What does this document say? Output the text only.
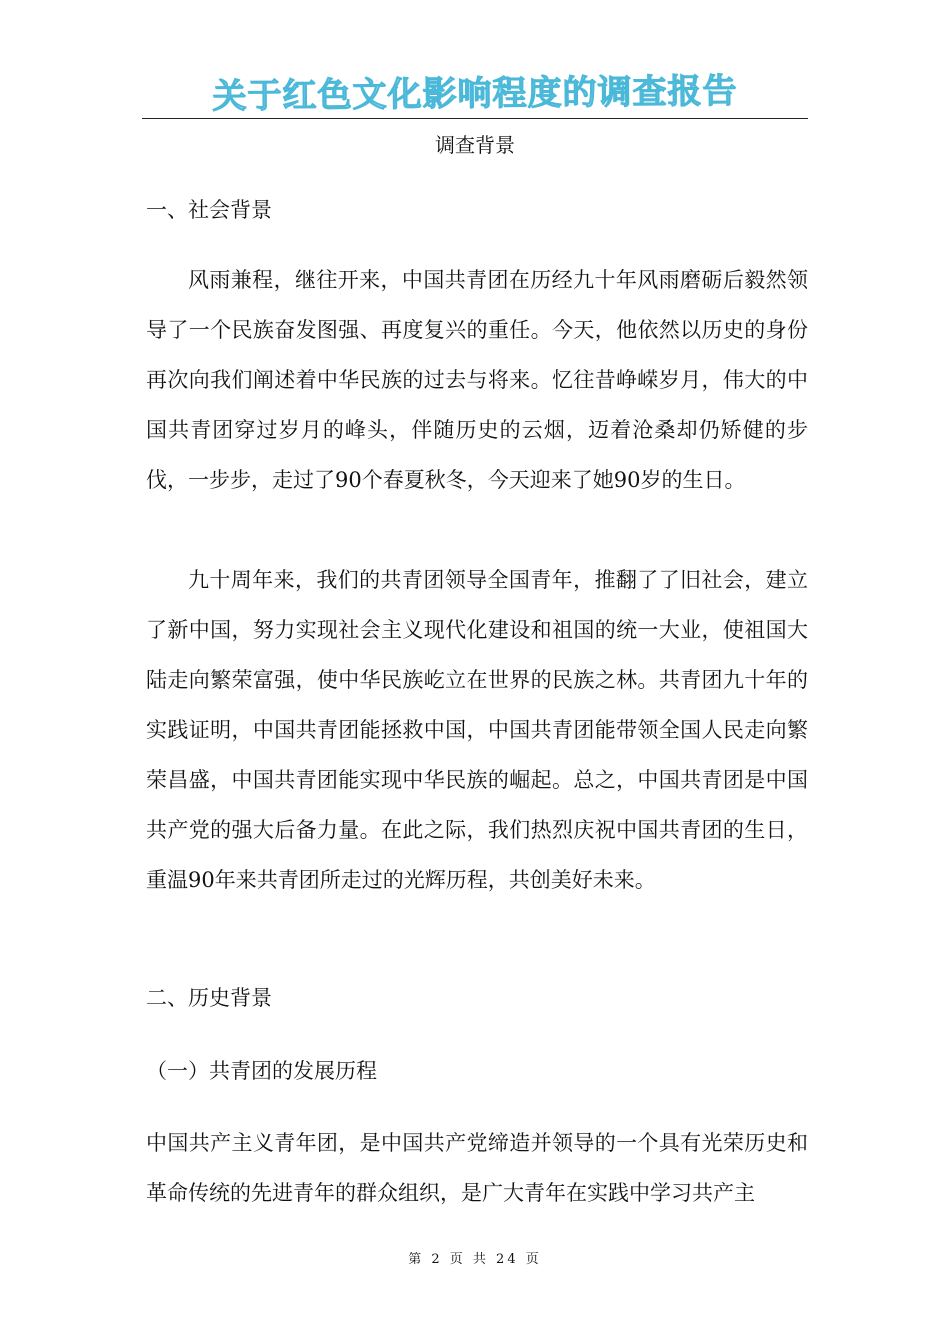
关于红色文化影响程度的调查报告
调查背景
一、社会背景
风雨兼程，继往开来，中国共青团在历经九十年风雨磨砺后毅然领导了一个民族奋发图强、再度复兴的重任。今天，他依然以历史的身份再次向我们阐述着中华民族的过去与将来。忆往昔峥嵘岁月，伟大的中国共青团穿过岁月的峰头，伴随历史的云烟，迈着沧桑却仍矫健的步伐，一步步，走过了90个春夏秋冬，今天迎来了她90岁的生日。
九十周年来，我们的共青团领导全国青年，推翻了了旧社会，建立了新中国，努力实现社会主义现代化建设和祖国的统一大业，使祖国大陆走向繁荣富强，使中华民族屹立在世界的民族之林。共青团九十年的实践证明，中国共青团能拯救中国，中国共青团能带领全国人民走向繁荣昌盛，中国共青团能实现中华民族的崛起。总之，中国共青团是中国共产党的强大后备力量。在此之际，我们热烈庆祝中国共青团的生日，重温90年来共青团所走过的光辉历程，共创美好未来。
二、历史背景
（一）共青团的发展历程
中国共产主义青年团，是中国共产党缔造并领导的一个具有光荣历史和革命传统的先进青年的群众组织，是广大青年在实践中学习共产主
第 2 页 共 24 页
